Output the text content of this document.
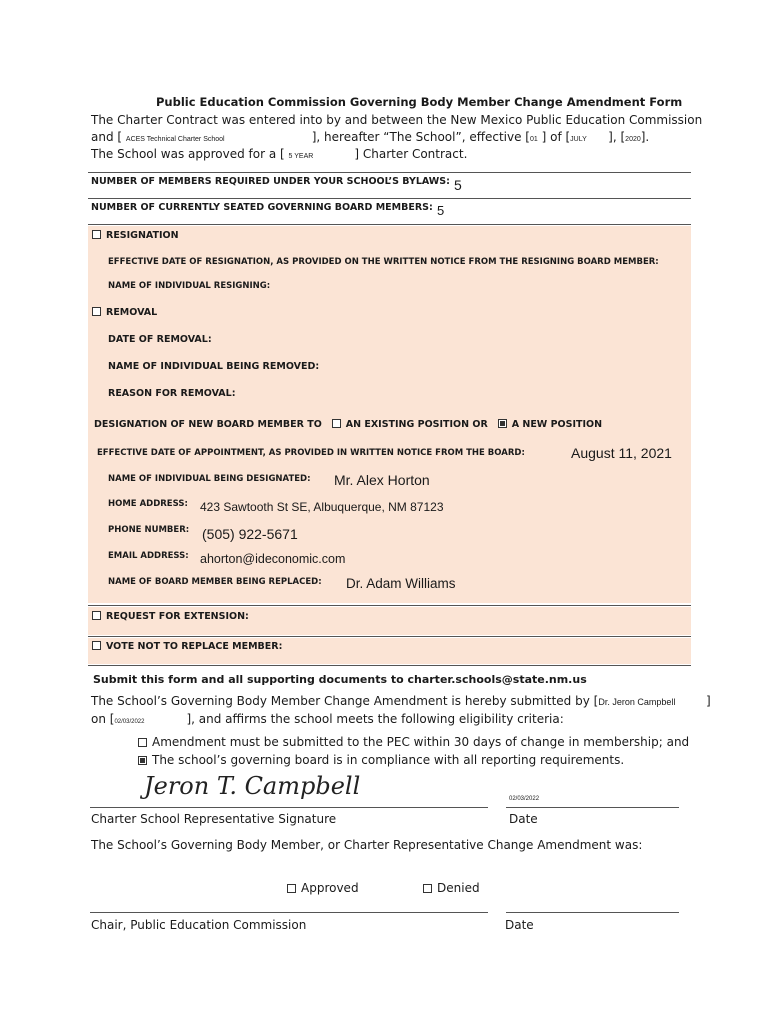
Public Education Commission Governing Body Member Change Amendment Form
The Charter Contract was entered into by and between the New Mexico Public Education Commission
and [ ACES Technical Charter School	], hereafter “The School”, effective [01 ] of [JULY ], [2020].
The School was approved for a [ 5 YEAR	] Charter Contract.
NUMBER OF MEMBERS REQUIRED UNDER YOUR SCHOOL’S BYLAWS: 5
NUMBER OF CURRENTLY SEATED GOVERNING BOARD MEMBERS: 5
RESIGNATION
EFFECTIVE DATE OF RESIGNATION, AS PROVIDED ON THE WRITTEN NOTICE FROM THE RESIGNING BOARD MEMBER:
NAME OF INDIVIDUAL RESIGNING:
REMOVAL
DATE OF REMOVAL:
NAME OF INDIVIDUAL BEING REMOVED:
REASON FOR REMOVAL:
DESIGNATION OF NEW BOARD MEMBER TO	AN EXISTING POSITION OR	A NEW POSITION
EFFECTIVE DATE OF APPOINTMENT, AS PROVIDED IN WRITTEN NOTICE FROM THE BOARD:	August 11, 2021
NAME OF INDIVIDUAL BEING DESIGNATED: Mr. Alex Horton
HOME ADDRESS: 423 Sawtooth St SE, Albuquerque, NM 87123
PHONE NUMBER: (505) 922-5671
EMAIL ADDRESS: ahorton@ideconomic.com
NAME OF BOARD MEMBER BEING REPLACED: Dr. Adam Williams
REQUEST FOR EXTENSION:
VOTE NOT TO REPLACE MEMBER:
Submit this form and all supporting documents to charter.schools@state.nm.us
The School’s Governing Body Member Change Amendment is hereby submitted by [Dr. Jeron Campbell	]
on [02/03/2022	], and affirms the school meets the following eligibility criteria:
Amendment must be submitted to the PEC within 30 days of change in membership; and
The school’s governing board is in compliance with all reporting requirements.
Jeron T. Campbell	02/03/2022
Charter School Representative Signature	Date
The School’s Governing Body Member, or Charter Representative Change Amendment was:
Approved	Denied
Chair, Public Education Commission	Date
